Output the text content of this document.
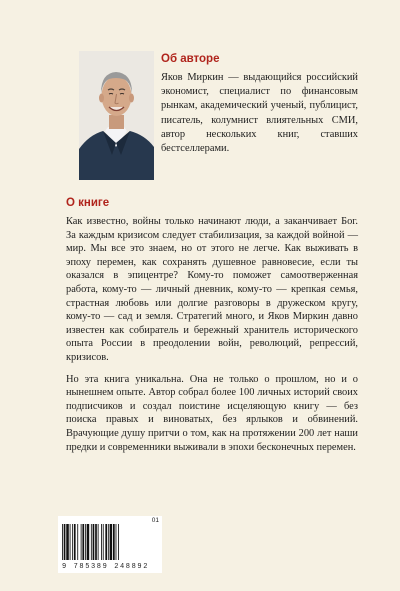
Об авторе

Яков Миркин — выдающийся российский экономист, специалист по финансовым рынкам, академический ученый, публицист, писатель, колумнист влиятельных СМИ, автор нескольких книг, ставших бестселлерами.

О книге

Как известно, войны только начинают люди, а заканчивает Бог. За каждым кризисом следует стабилизация, за каждой войной — мир. Мы все это знаем, но от этого не легче. Как выживать в эпоху перемен, как сохранять душевное равновесие, если ты оказался в эпицентре? Кому-то поможет самоотверженная работа, кому-то — личный дневник, кому-то — крепкая семья, страстная любовь или долгие разговоры в дружеском кругу, кому-то — сад и земля. Стратегий много, и Яков Миркин давно известен как собиратель и бережный хранитель исторического опыта России в преодолении войн, революций, репрессий, кризисов.

Но эта книга уникальна. Она не только о прошлом, но и о нынешнем опыте. Автор собрал более 100 личных историй своих подписчиков и создал поистине исцеляющую книгу — без поиска правых и виноватых, без ярлыков и обвинений. Врачующие душу притчи о том, как на протяжении 200 лет наши предки и современники выживали в эпохи бесконечных перемен.

01
9 785389 248892
